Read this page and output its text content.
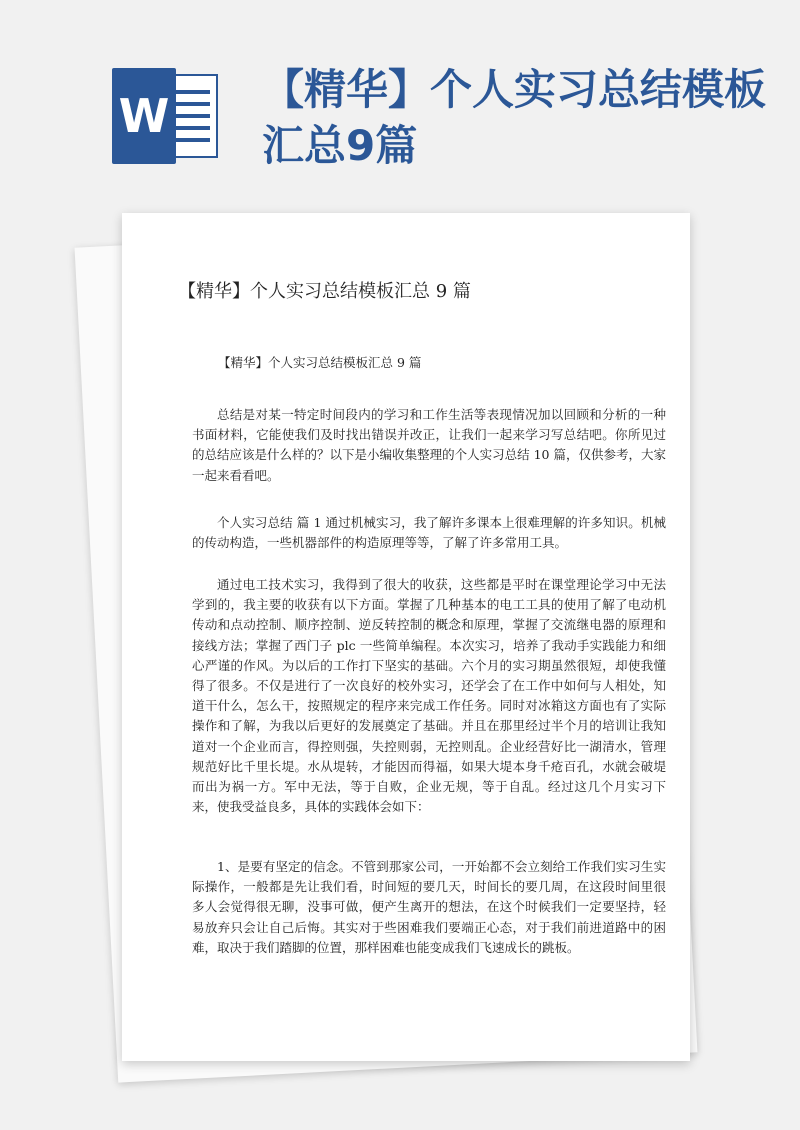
W 【精华】个人实习总结模板汇总9篇
【精华】个人实习总结模板汇总 9 篇
【精华】个人实习总结模板汇总 9 篇

总结是对某一特定时间段内的学习和工作生活等表现情况加以回顾和分析的一种书面材料，它能使我们及时找出错误并改正，让我们一起来学习写总结吧。你所见过的总结应该是什么样的？以下是小编收集整理的个人实习总结 10 篇，仅供参考，大家一起来看看吧。

个人实习总结 篇 1 通过机械实习，我了解许多课本上很难理解的许多知识。机械的传动构造，一些机器部件的构造原理等等，了解了许多常用工具。

通过电工技术实习，我得到了很大的收获，这些都是平时在课堂理论学习中无法学到的，我主要的收获有以下方面。掌握了几种基本的电工工具的使用了解了电动机传动和点动控制、顺序控制、逆反转控制的概念和原理，掌握了交流继电器的原理和接线方法；掌握了西门子 plc 一些简单编程。本次实习，培养了我动手实践能力和细心严谨的作风。为以后的工作打下坚实的基础。六个月的实习期虽然很短，却使我懂得了很多。不仅是进行了一次良好的校外实习，还学会了在工作中如何与人相处，知道干什么，怎么干，按照规定的程序来完成工作任务。同时对冰箱这方面也有了实际操作和了解，为我以后更好的发展奠定了基础。并且在那里经过半个月的培训让我知道对一个企业而言，得控则强，失控则弱，无控则乱。企业经营好比一湖清水，管理规范好比千里长堤。水从堤转，才能因而得福，如果大堤本身千疮百孔，水就会破堤而出为祸一方。军中无法，等于自败，企业无规，等于自乱。经过这几个月实习下来，使我受益良多，具体的实践体会如下：

1、是要有坚定的信念。不管到那家公司，一开始都不会立刻给工作我们实习生实际操作，一般都是先让我们看，时间短的要几天，时间长的要几周，在这段时间里很多人会觉得很无聊，没事可做，便产生离开的想法，在这个时候我们一定要坚持，轻易放弃只会让自己后悔。其实对于些困难我们要端正心态，对于我们前进道路中的困难，取决于我们踏脚的位置，那样困难也能变成我们飞速成长的跳板。
